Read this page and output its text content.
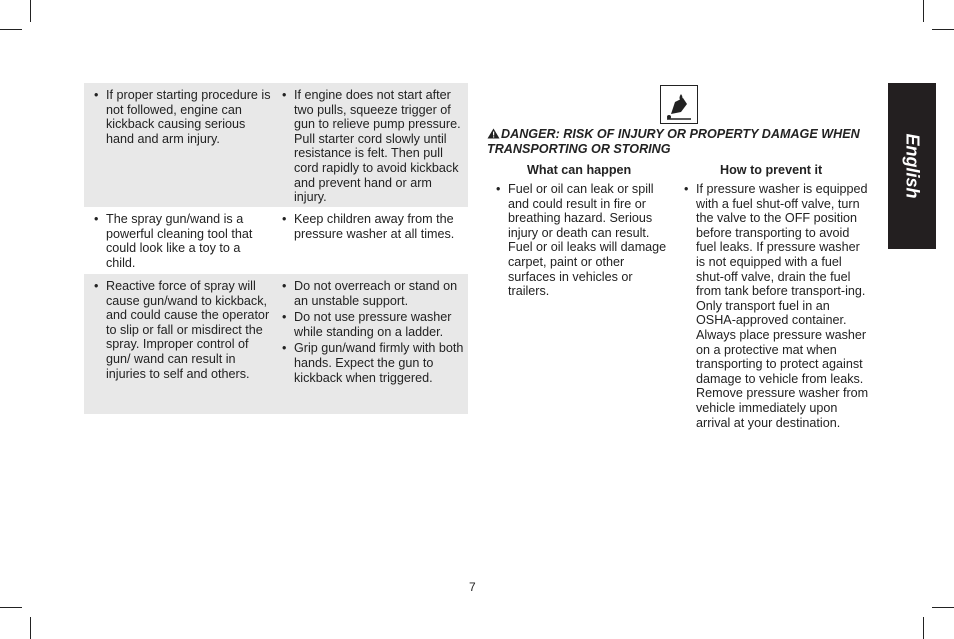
• If proper starting procedure is not followed, engine can kickback causing serious hand and arm injury.
• If engine does not start after two pulls, squeeze trigger of gun to relieve pump pressure. Pull starter cord slowly until resistance is felt. Then pull cord rapidly to avoid kickback and prevent hand or arm injury.
• The spray gun/wand is a powerful cleaning tool that could look like a toy to a child.
• Keep children away from the pressure washer at all times.
• Reactive force of spray will cause gun/wand to kickback, and could cause the operator to slip or fall or misdirect the spray. Improper control of gun/ wand can result in injuries to self and others.
• Do not overreach or stand on an unstable support.
• Do not use pressure washer while standing on a ladder.
• Grip gun/wand firmly with both hands. Expect the gun to kickback when triggered.
DANGER: RISK OF INJURY OR PROPERTY DAMAGE WHEN TRANSPORTING OR STORING
What can happen	How to prevent it
• Fuel or oil can leak or spill and could result in fire or breathing hazard. Serious injury or death can result. Fuel or oil leaks will damage carpet, paint or other surfaces in vehicles or trailers.
• If pressure washer is equipped with a fuel shut-off valve, turn the valve to the OFF position before transporting to avoid fuel leaks. If pressure washer is not equipped with a fuel shut-off valve, drain the fuel from tank before transport-ing. Only transport fuel in an OSHA-approved container. Always place pressure washer on a protective mat when transporting to protect against damage to vehicle from leaks. Remove pressure washer from vehicle immediately upon arrival at your destination.
English
7
